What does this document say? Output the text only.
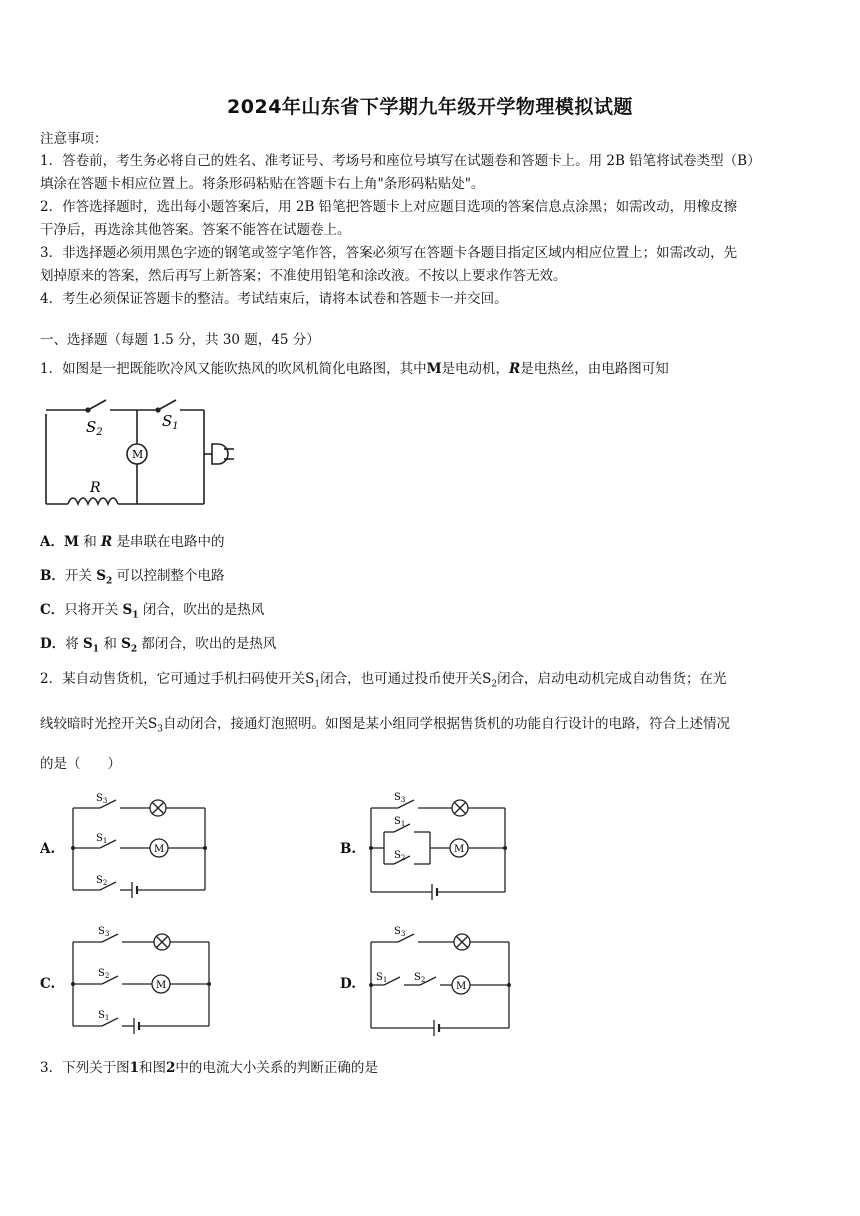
2024年山东省下学期九年级开学物理模拟试题
注意事项：
1．答卷前，考生务必将自己的姓名、准考证号、考场号和座位号填写在试题卷和答题卡上。用 2B 铅笔将试卷类型（B）
填涂在答题卡相应位置上。将条形码粘贴在答题卡右上角"条形码粘贴处"。
2．作答选择题时，选出每小题答案后，用 2B 铅笔把答题卡上对应题目选项的答案信息点涂黑；如需改动，用橡皮擦
干净后，再选涂其他答案。答案不能答在试题卷上。
3．非选择题必须用黑色字迹的钢笔或签字笔作答，答案必须写在答题卡各题目指定区域内相应位置上；如需改动，先
划掉原来的答案，然后再写上新答案；不准使用铅笔和涂改液。不按以上要求作答无效。
4．考生必须保证答题卡的整洁。考试结束后，请将本试卷和答题卡一并交回。
一、选择题（每题 1.5 分，共 30 题，45 分）
1．如图是一把既能吹冷风又能吹热风的吹风机简化电路图，其中M是电动机，R是电热丝，由电路图可知
$S_2$
$S_1$
M
R
A．M 和 R 是串联在电路中的
B．开关 $S_2$ 可以控制整个电路
C．只将开关 $S_1$ 闭合，吹出的是热风
D．将 $S_1$ 和 $S_2$ 都闭合，吹出的是热风
2．某自动售货机，它可通过手机扫码使开关$S_1$闭合，也可通过投币使开关$S_2$闭合，启动电动机完成自动售货；在光
线较暗时光控开关$S_3$自动闭合，接通灯泡照明。如图是某小组同学根据售货机的功能自行设计的电路，符合上述情况
的是（　　）
A.
$S_3$
$S_1$
$S_2$
M	B.
$S_3$
$S_1$
$S_2$
M
C.
$S_3$
$S_2$
$S_1$
M	D.
$S_3$
$S_1$	$S_2$
M
3．下列关于图1和图2中的电流大小关系的判断正确的是
